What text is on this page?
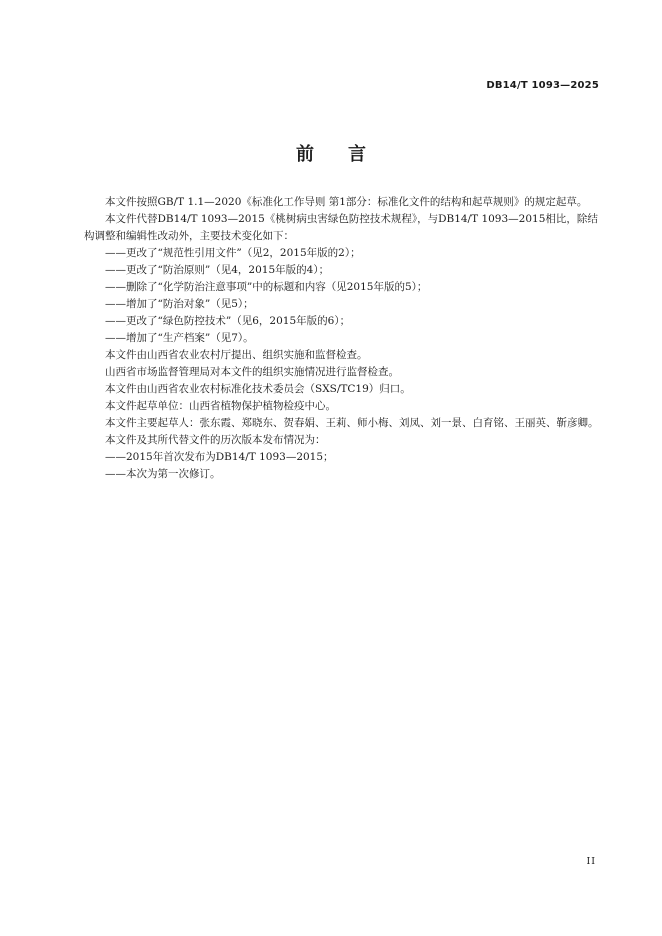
DB14/T 1093—2025
前言

本文件按照GB/T 1.1—2020《标准化工作导则 第1部分：标准化文件的结构和起草规则》的规定起草。

本文件代替DB14/T 1093—2015《桃树病虫害绿色防控技术规程》，与DB14/T 1093—2015相比，除结构调整和编辑性改动外，主要技术变化如下：

——更改了“规范性引用文件”（见2，2015年版的2）；

——更改了“防治原则”（见4，2015年版的4）；

——删除了“化学防治注意事项”中的标题和内容（见2015年版的5）；

——增加了“防治对象”（见5）；

——更改了“绿色防控技术”（见6，2015年版的6）；

——增加了“生产档案”（见7）。

本文件由山西省农业农村厅提出、组织实施和监督检查。

山西省市场监督管理局对本文件的组织实施情况进行监督检查。

本文件由山西省农业农村标准化技术委员会（SXS/TC19）归口。

本文件起草单位：山西省植物保护植物检疫中心。

本文件主要起草人：张东霞、郑晓东、贺春娟、王莉、师小梅、刘凤、刘一景、白育铭、王丽英、靳彦卿。

本文件及其所代替文件的历次版本发布情况为：

——2015年首次发布为DB14/T 1093—2015；

——本次为第一次修订。

II
